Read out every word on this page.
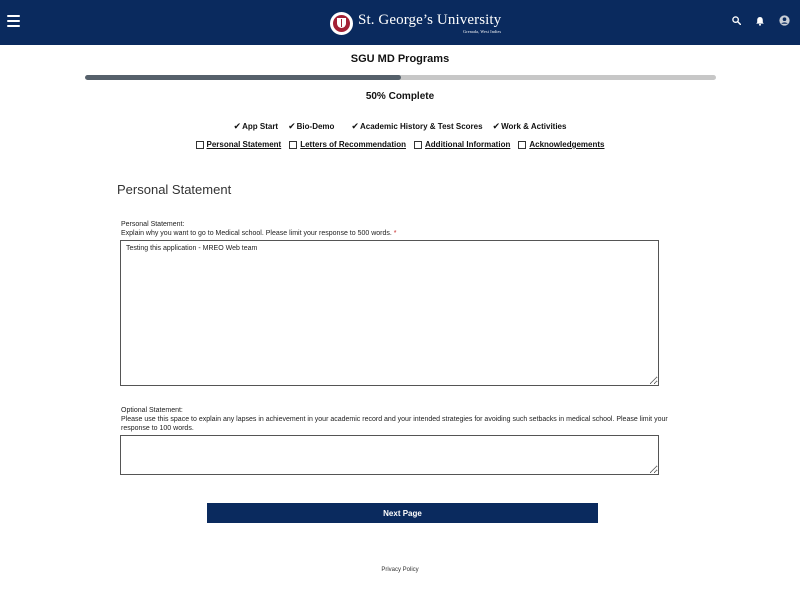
St. George’s University
Grenada, West Indies
SGU MD Programs
50% Complete
✔ App Start ✔ Bio-Demo ✔ Academic History & Test Scores ✔ Work & Activities
Personal Statement Letters of Recommendation Additional Information Acknowledgements
Personal Statement
Personal Statement:
Explain why you want to go to Medical school. Please limit your response to 500 words. *
Testing this application - MREO Web team
Optional Statement:
Please use this space to explain any lapses in achievement in your academic record and your intended strategies for avoiding such setbacks in medical school. Please limit your response to 100 words.
Next Page
Privacy Policy
